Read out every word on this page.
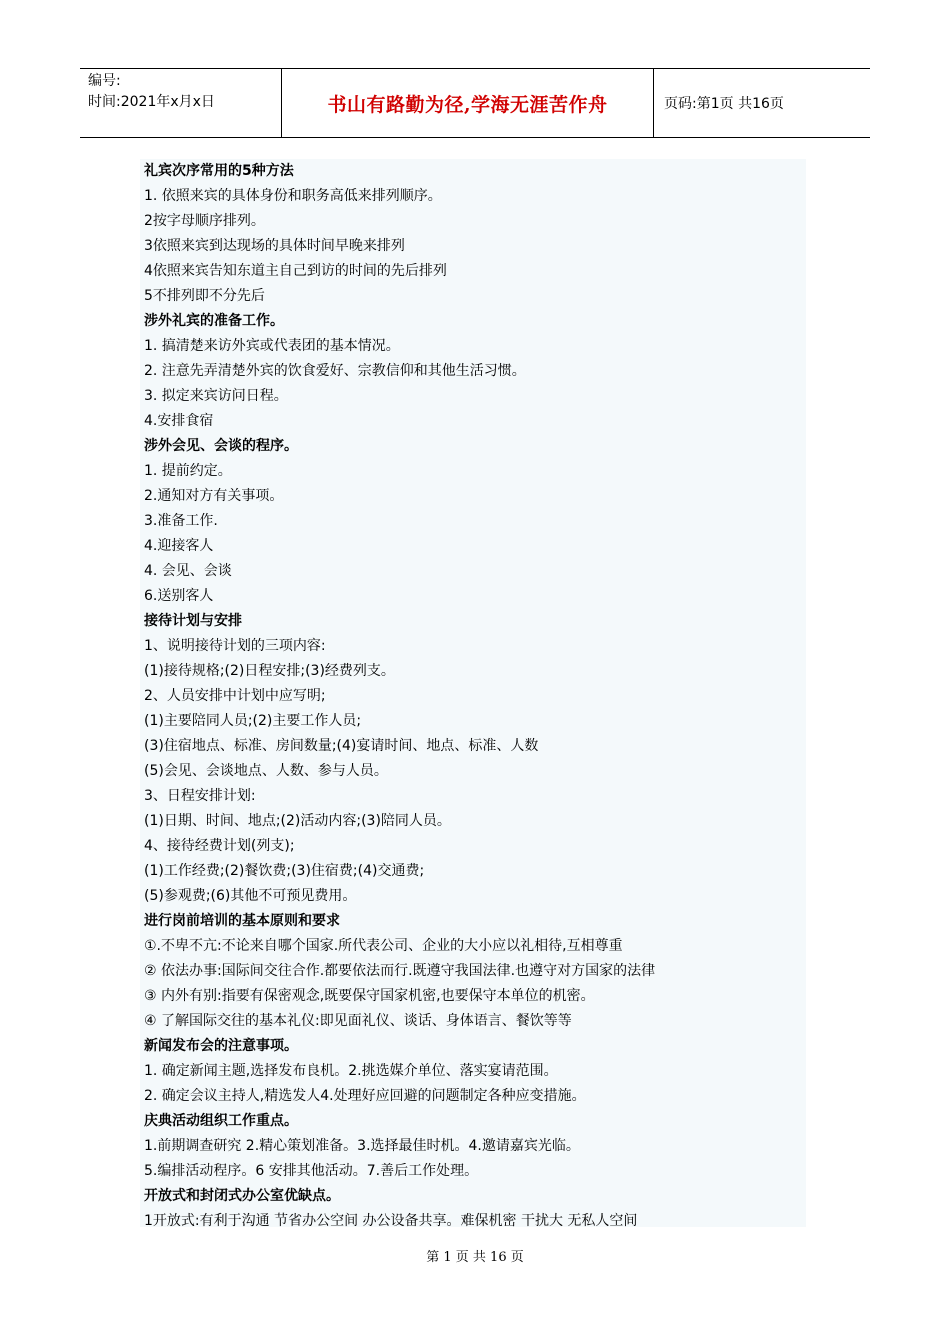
编号:
时间:2021年x月x日	书山有路勤为径,学海无涯苦作舟	页码:第1页 共16页
礼宾次序常用的5种方法
1. 依照来宾的具体身份和职务高低来排列顺序。
2按字母顺序排列。
3依照来宾到达现场的具体时间早晚来排列
4依照来宾告知东道主自己到访的时间的先后排列
5不排列即不分先后
涉外礼宾的准备工作。
1. 搞清楚来访外宾或代表团的基本情况。
2. 注意先弄清楚外宾的饮食爱好、宗教信仰和其他生活习惯。
3. 拟定来宾访问日程。
4.安排食宿
涉外会见、会谈的程序。
1. 提前约定。
2.通知对方有关事项。
3.准备工作.
4.迎接客人
4. 会见、会谈
6.送别客人
接待计划与安排
1、说明接待计划的三项内容:
(1)接待规格;(2)日程安排;(3)经费列支。
2、人员安排中计划中应写明;
(1)主要陪同人员;(2)主要工作人员;
(3)住宿地点、标准、房间数量;(4)宴请时间、地点、标准、人数
(5)会见、会谈地点、人数、参与人员。
3、日程安排计划:
(1)日期、时间、地点;(2)活动内容;(3)陪同人员。
4、接待经费计划(列支);
(1)工作经费;(2)餐饮费;(3)住宿费;(4)交通费;
(5)参观费;(6)其他不可预见费用。
进行岗前培训的基本原则和要求
①.不卑不亢:不论来自哪个国家.所代表公司、企业的大小应以礼相待,互相尊重
② 依法办事:国际间交往合作.都要依法而行.既遵守我国法律.也遵守对方国家的法律
③ 内外有别:指要有保密观念,既要保守国家机密,也要保守本单位的机密。
④ 了解国际交往的基本礼仪:即见面礼仪、谈话、身体语言、餐饮等等
新闻发布会的注意事项。
1. 确定新闻主题,选择发布良机。2.挑选媒介单位、落实宴请范围。
2. 确定会议主持人,精选发人4.处理好应回避的问题制定各种应变措施。
庆典活动组织工作重点。
1.前期调查研究 2.精心策划准备。3.选择最佳时机。4.邀请嘉宾光临。
5.编排活动程序。6 安排其他活动。7.善后工作处理。
开放式和封闭式办公室优缺点。
1开放式:有利于沟通 节省办公空间 办公设备共享。难保机密 干扰大 无私人空间
第 1 页 共 16 页
